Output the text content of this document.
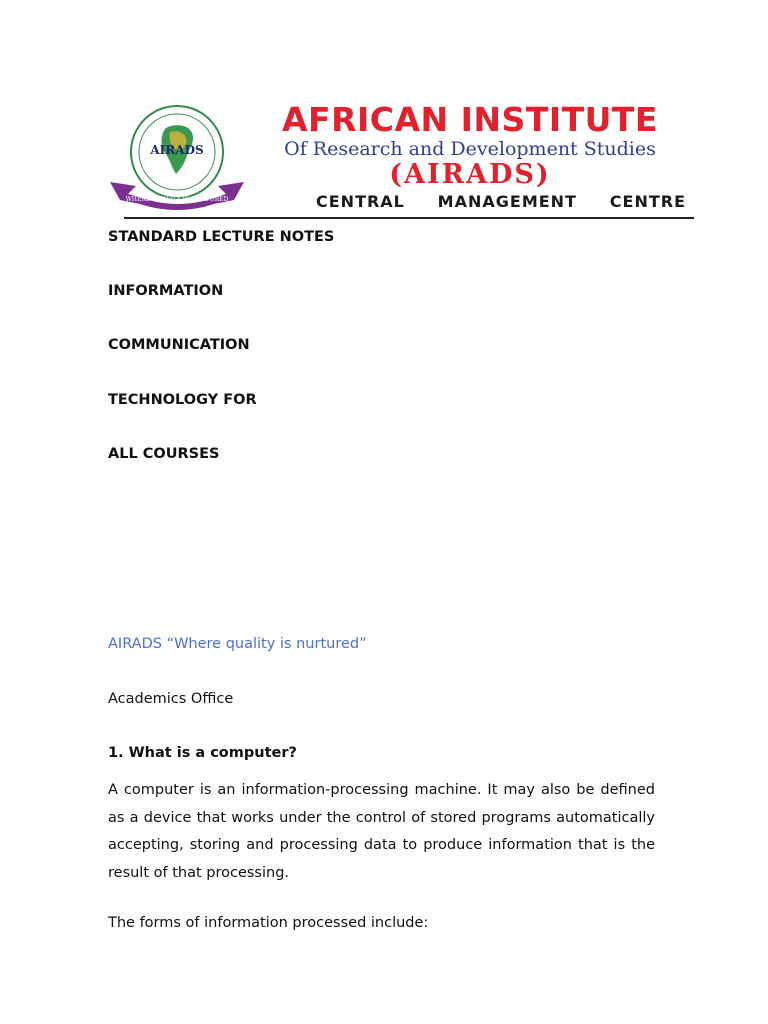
AIRADS
WHERE QUALITY IS NURTURED
AFRICAN INSTITUTE
Of Research and Development Studies
(AIRADS)
CENTRAL MANAGEMENT CENTRE
STANDARD LECTURE NOTES
INFORMATION
COMMUNICATION
TECHNOLOGY FOR
ALL COURSES
AIRADS “Where quality is nurtured”
Academics Office
1. What is a computer?

A computer is an information-processing machine. It may also be defined as a device that works under the control of stored programs automatically accepting, storing and processing data to produce information that is the result of that processing.

The forms of information processed include:
